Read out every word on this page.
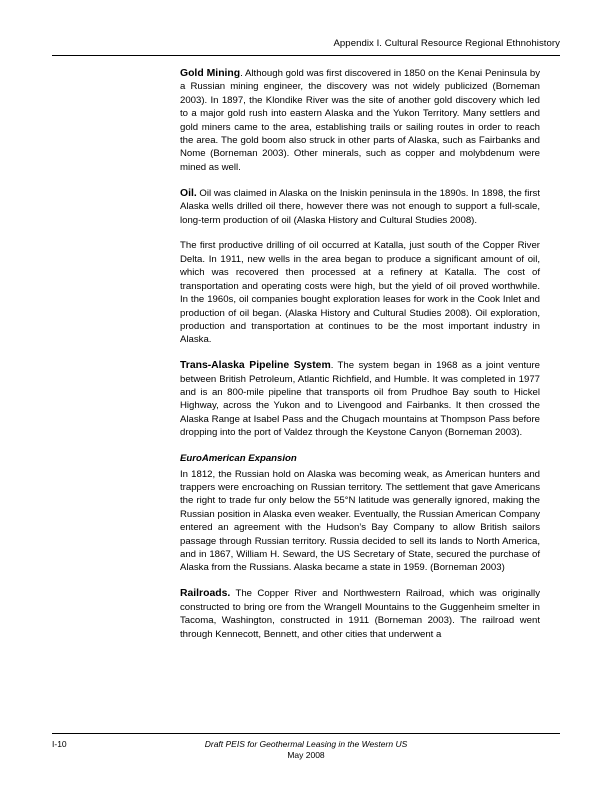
Appendix I. Cultural Resource Regional Ethnohistory

Gold Mining. Although gold was first discovered in 1850 on the Kenai Peninsula by a Russian mining engineer, the discovery was not widely publicized (Borneman 2003). In 1897, the Klondike River was the site of another gold discovery which led to a major gold rush into eastern Alaska and the Yukon Territory. Many settlers and gold miners came to the area, establishing trails or sailing routes in order to reach the area. The gold boom also struck in other parts of Alaska, such as Fairbanks and Nome (Borneman 2003). Other minerals, such as copper and molybdenum were mined as well.

Oil. Oil was claimed in Alaska on the Iniskin peninsula in the 1890s. In 1898, the first Alaska wells drilled oil there, however there was not enough to support a full-scale, long-term production of oil (Alaska History and Cultural Studies 2008).

The first productive drilling of oil occurred at Katalla, just south of the Copper River Delta. In 1911, new wells in the area began to produce a significant amount of oil, which was recovered then processed at a refinery at Katalla. The cost of transportation and operating costs were high, but the yield of oil proved worthwhile. In the 1960s, oil companies bought exploration leases for work in the Cook Inlet and production of oil began. (Alaska History and Cultural Studies 2008). Oil exploration, production and transportation at continues to be the most important industry in Alaska.

Trans-Alaska Pipeline System. The system began in 1968 as a joint venture between British Petroleum, Atlantic Richfield, and Humble. It was completed in 1977 and is an 800-mile pipeline that transports oil from Prudhoe Bay south to Hickel Highway, across the Yukon and to Livengood and Fairbanks. It then crossed the Alaska Range at Isabel Pass and the Chugach mountains at Thompson Pass before dropping into the port of Valdez through the Keystone Canyon (Borneman 2003).

EuroAmerican Expansion
In 1812, the Russian hold on Alaska was becoming weak, as American hunters and trappers were encroaching on Russian territory. The settlement that gave Americans the right to trade fur only below the 55°N latitude was generally ignored, making the Russian position in Alaska even weaker. Eventually, the Russian American Company entered an agreement with the Hudson’s Bay Company to allow British sailors passage through Russian territory. Russia decided to sell its lands to North America, and in 1867, William H. Seward, the US Secretary of State, secured the purchase of Alaska from the Russians. Alaska became a state in 1959. (Borneman 2003)

Railroads. The Copper River and Northwestern Railroad, which was originally constructed to bring ore from the Wrangell Mountains to the Guggenheim smelter in Tacoma, Washington, constructed in 1911 (Borneman 2003). The railroad went through Kennecott, Bennett, and other cities that underwent a

I-10	Draft PEIS for Geothermal Leasing in the Western US
May 2008
